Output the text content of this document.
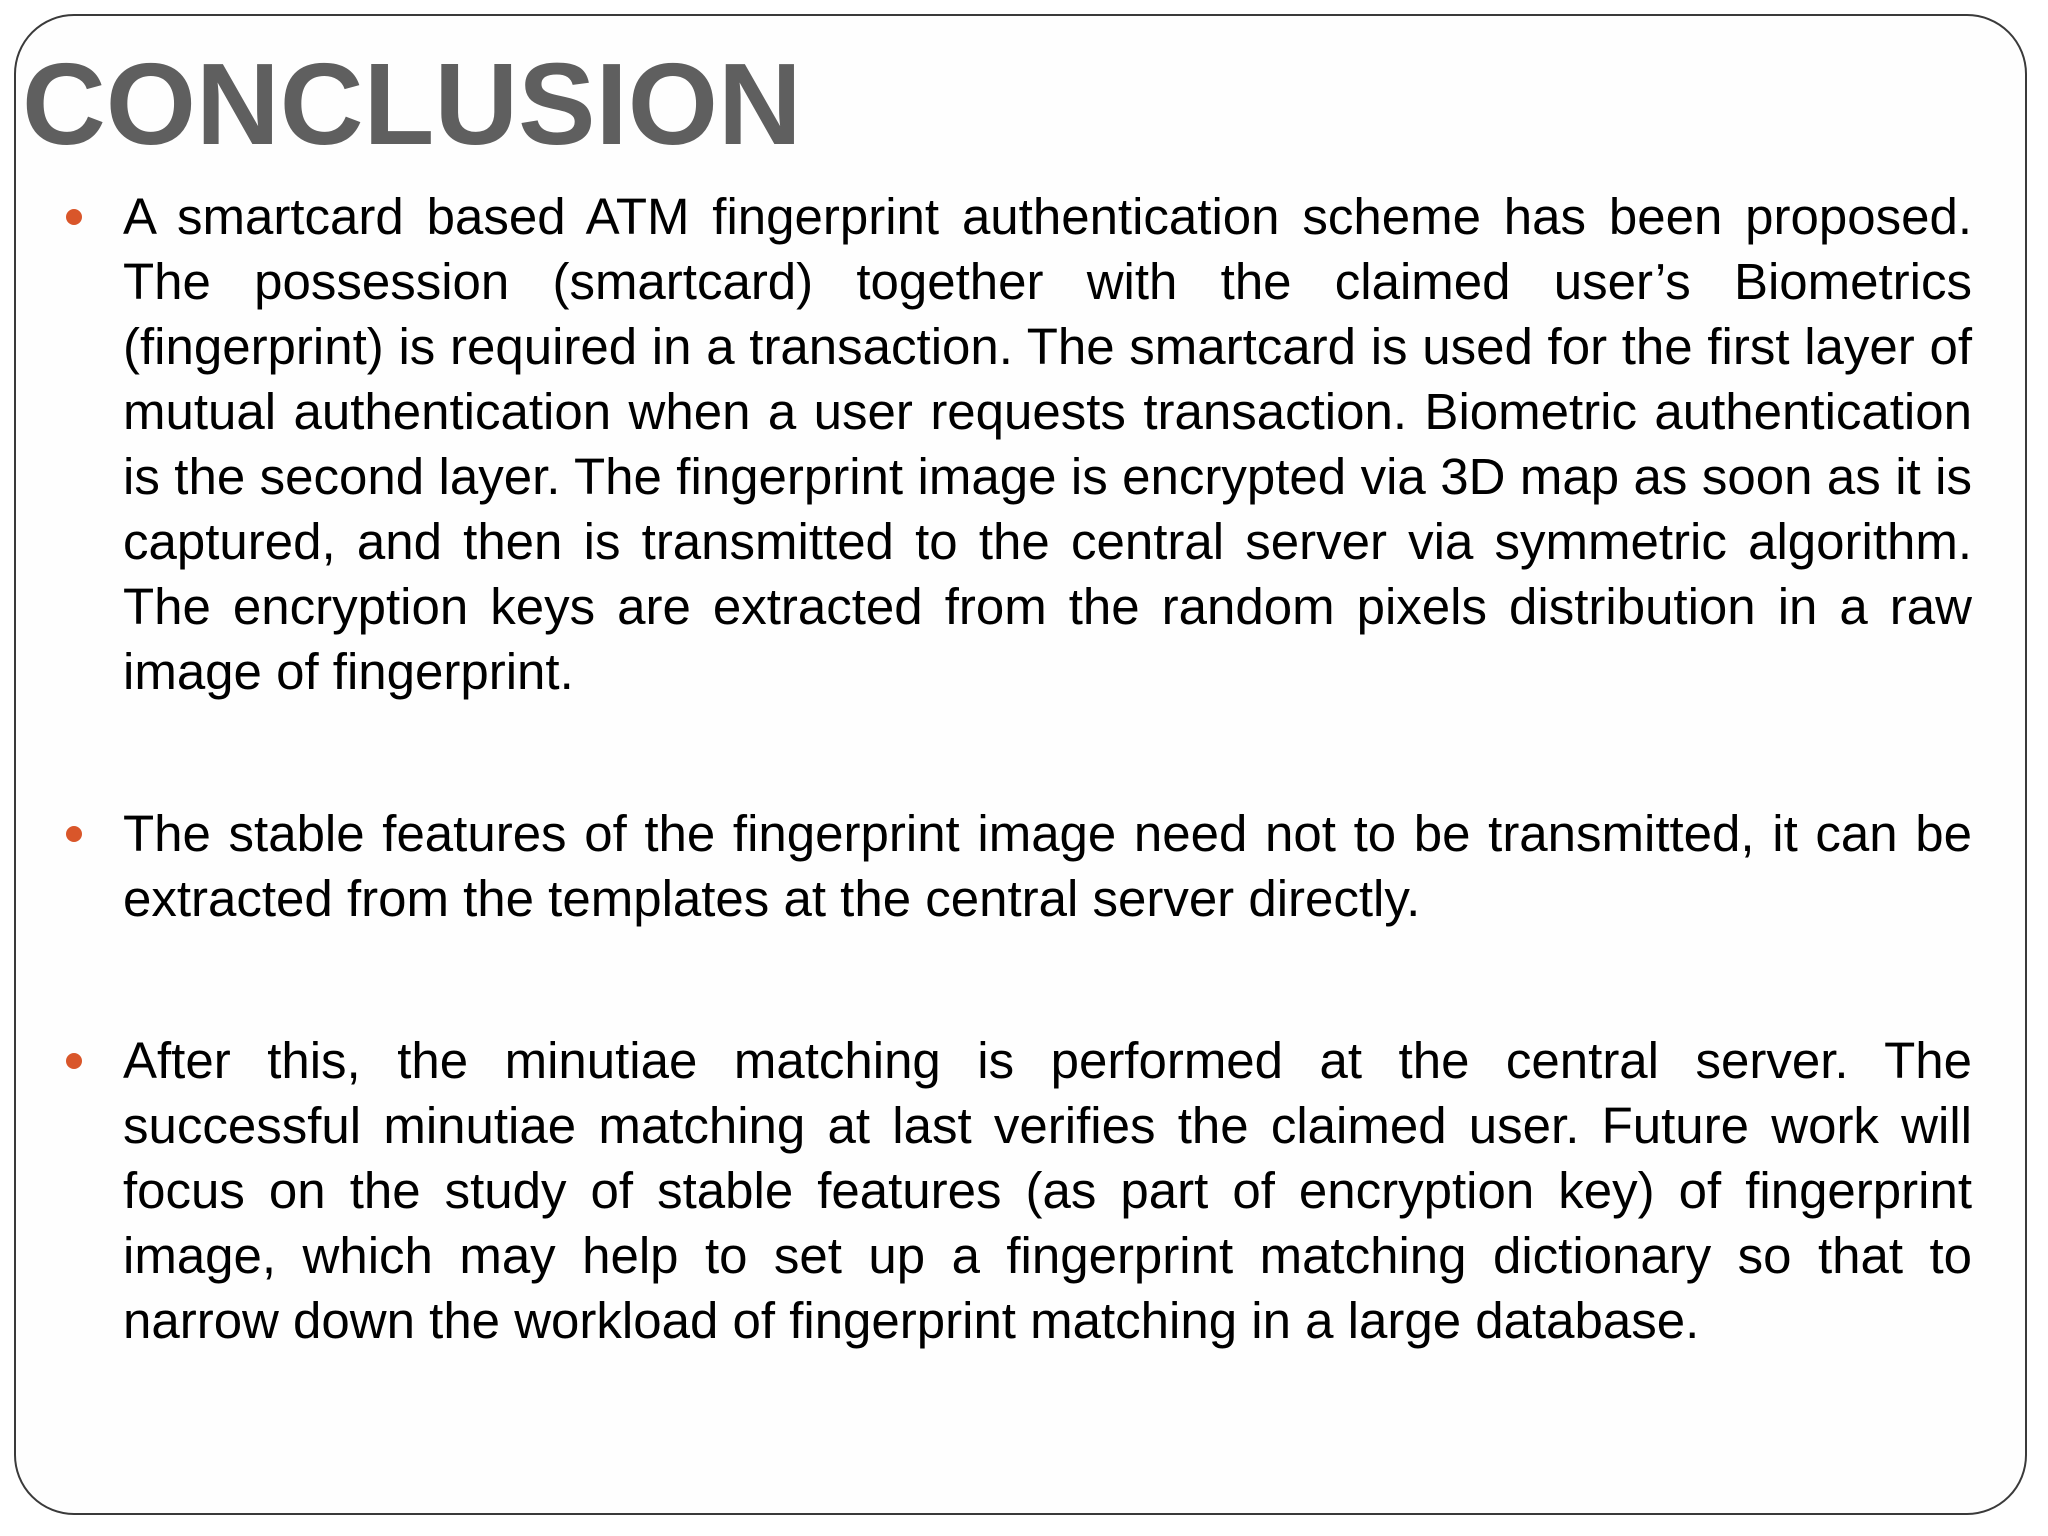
CONCLUSION
A smartcard based ATM fingerprint authentication scheme has been proposed. The possession (smartcard) together with the claimed user’s Biometrics (fingerprint) is required in a transaction. The smartcard is used for the first layer of mutual authentication when a user requests transaction. Biometric authentication is the second layer. The fingerprint image is encrypted via 3D map as soon as it is captured, and then is transmitted to the central server via symmetric algorithm. The encryption keys are extracted from the random pixels distribution in a raw image of fingerprint.
The stable features of the fingerprint image need not to be transmitted, it can be extracted from the templates at the central server directly.
After this, the minutiae matching is performed at the central server. The successful minutiae matching at last verifies the claimed user. Future work will focus on the study of stable features (as part of encryption key) of fingerprint image, which may help to set up a fingerprint matching dictionary so that to narrow down the workload of fingerprint matching in a large database.
